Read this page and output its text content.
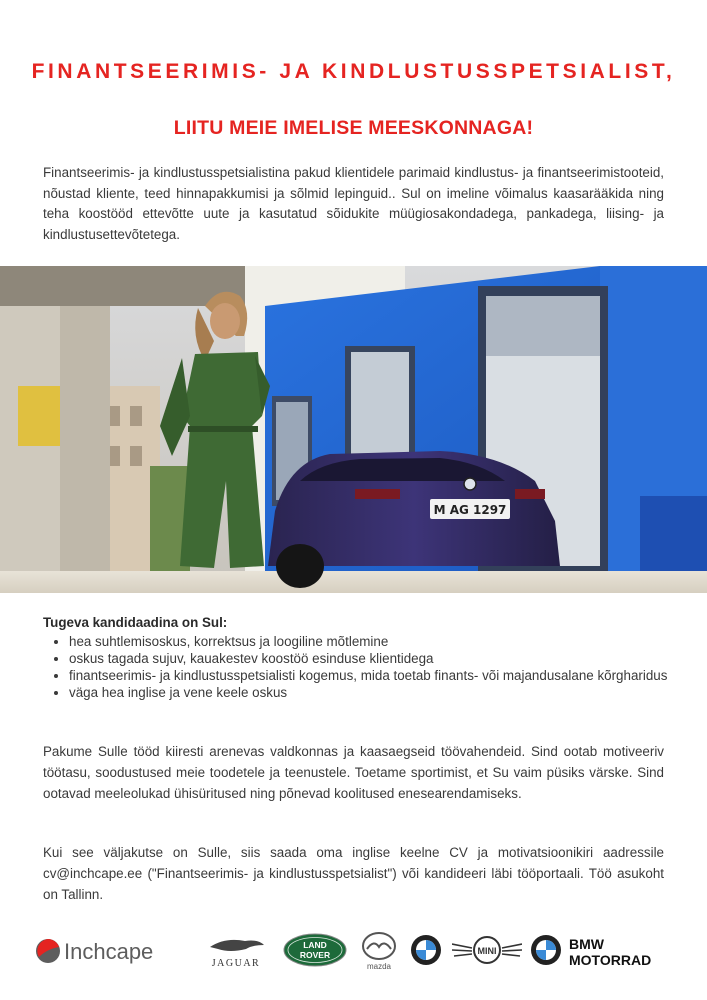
FINANTSEERIMIS- JA KINDLUSTUSSPETSIALIST,
LIITU MEIE IMELISE MEESKONNAGA!
Finantseerimis- ja kindlustusspetsialistina pakud klientidele parimaid kindlustus- ja finantseerimistooteid, nõustad kliente, teed hinnapakkumisi ja sõlmid lepinguid.. Sul on imeline võimalus kaasarääkida ning teha koostööd ettevõtte uute ja kasutatud sõidukite müügiosakondadega, pankadega, liising- ja kindlustusettevõtetega.
M AG 1297
Tugeva kandidaadina on Sul:
• hea suhtlemisoskus, korrektsus ja loogiline mõtlemine
• oskus tagada sujuv, kauakestev koostöö esinduse klientidega
• finantseerimis- ja kindlustusspetsialisti kogemus, mida toetab finants- või majandusalane kõrgharidus
• väga hea inglise ja vene keele oskus
Pakume Sulle tööd kiiresti arenevas valdkonnas ja kaasaegseid töövahendeid. Sind ootab motiveeriv töötasu, soodustused meie toodetele ja teenustele. Toetame sportimist, et Su vaim püsiks värske. Sind ootavad meeleolukad ühisüritused ning põnevad koolitused enesearendamiseks.
Kui see väljakutse on Sulle, siis saada oma inglise keelne CV ja motivatsioonikiri aadressile cv@inchcape.ee ("Finantseerimis- ja kindlustusspetsialist") või kandideeri läbi tööportaali. Töö asukoht on Tallinn.
Inchcape	JAGUAR
LAND
ROVER
mazda
MINI	BMW
MOTORRAD
